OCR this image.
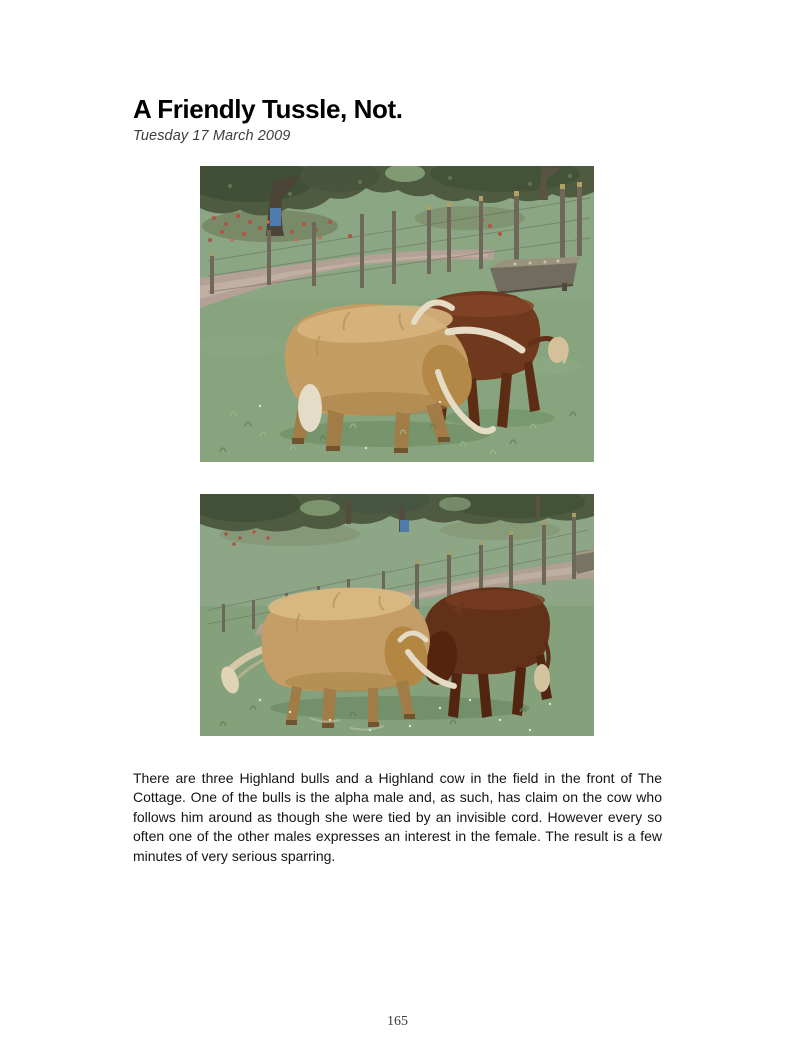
A Friendly Tussle, Not.
Tuesday 17 March 2009

There are three Highland bulls and a Highland cow in the field in the front of The Cottage. One of the bulls is the alpha male and, as such, has claim on the cow who follows him around as though she were tied by an invisible cord. However every so often one of the other males expresses an interest in the female. The result is a few minutes of very serious sparring.

165
